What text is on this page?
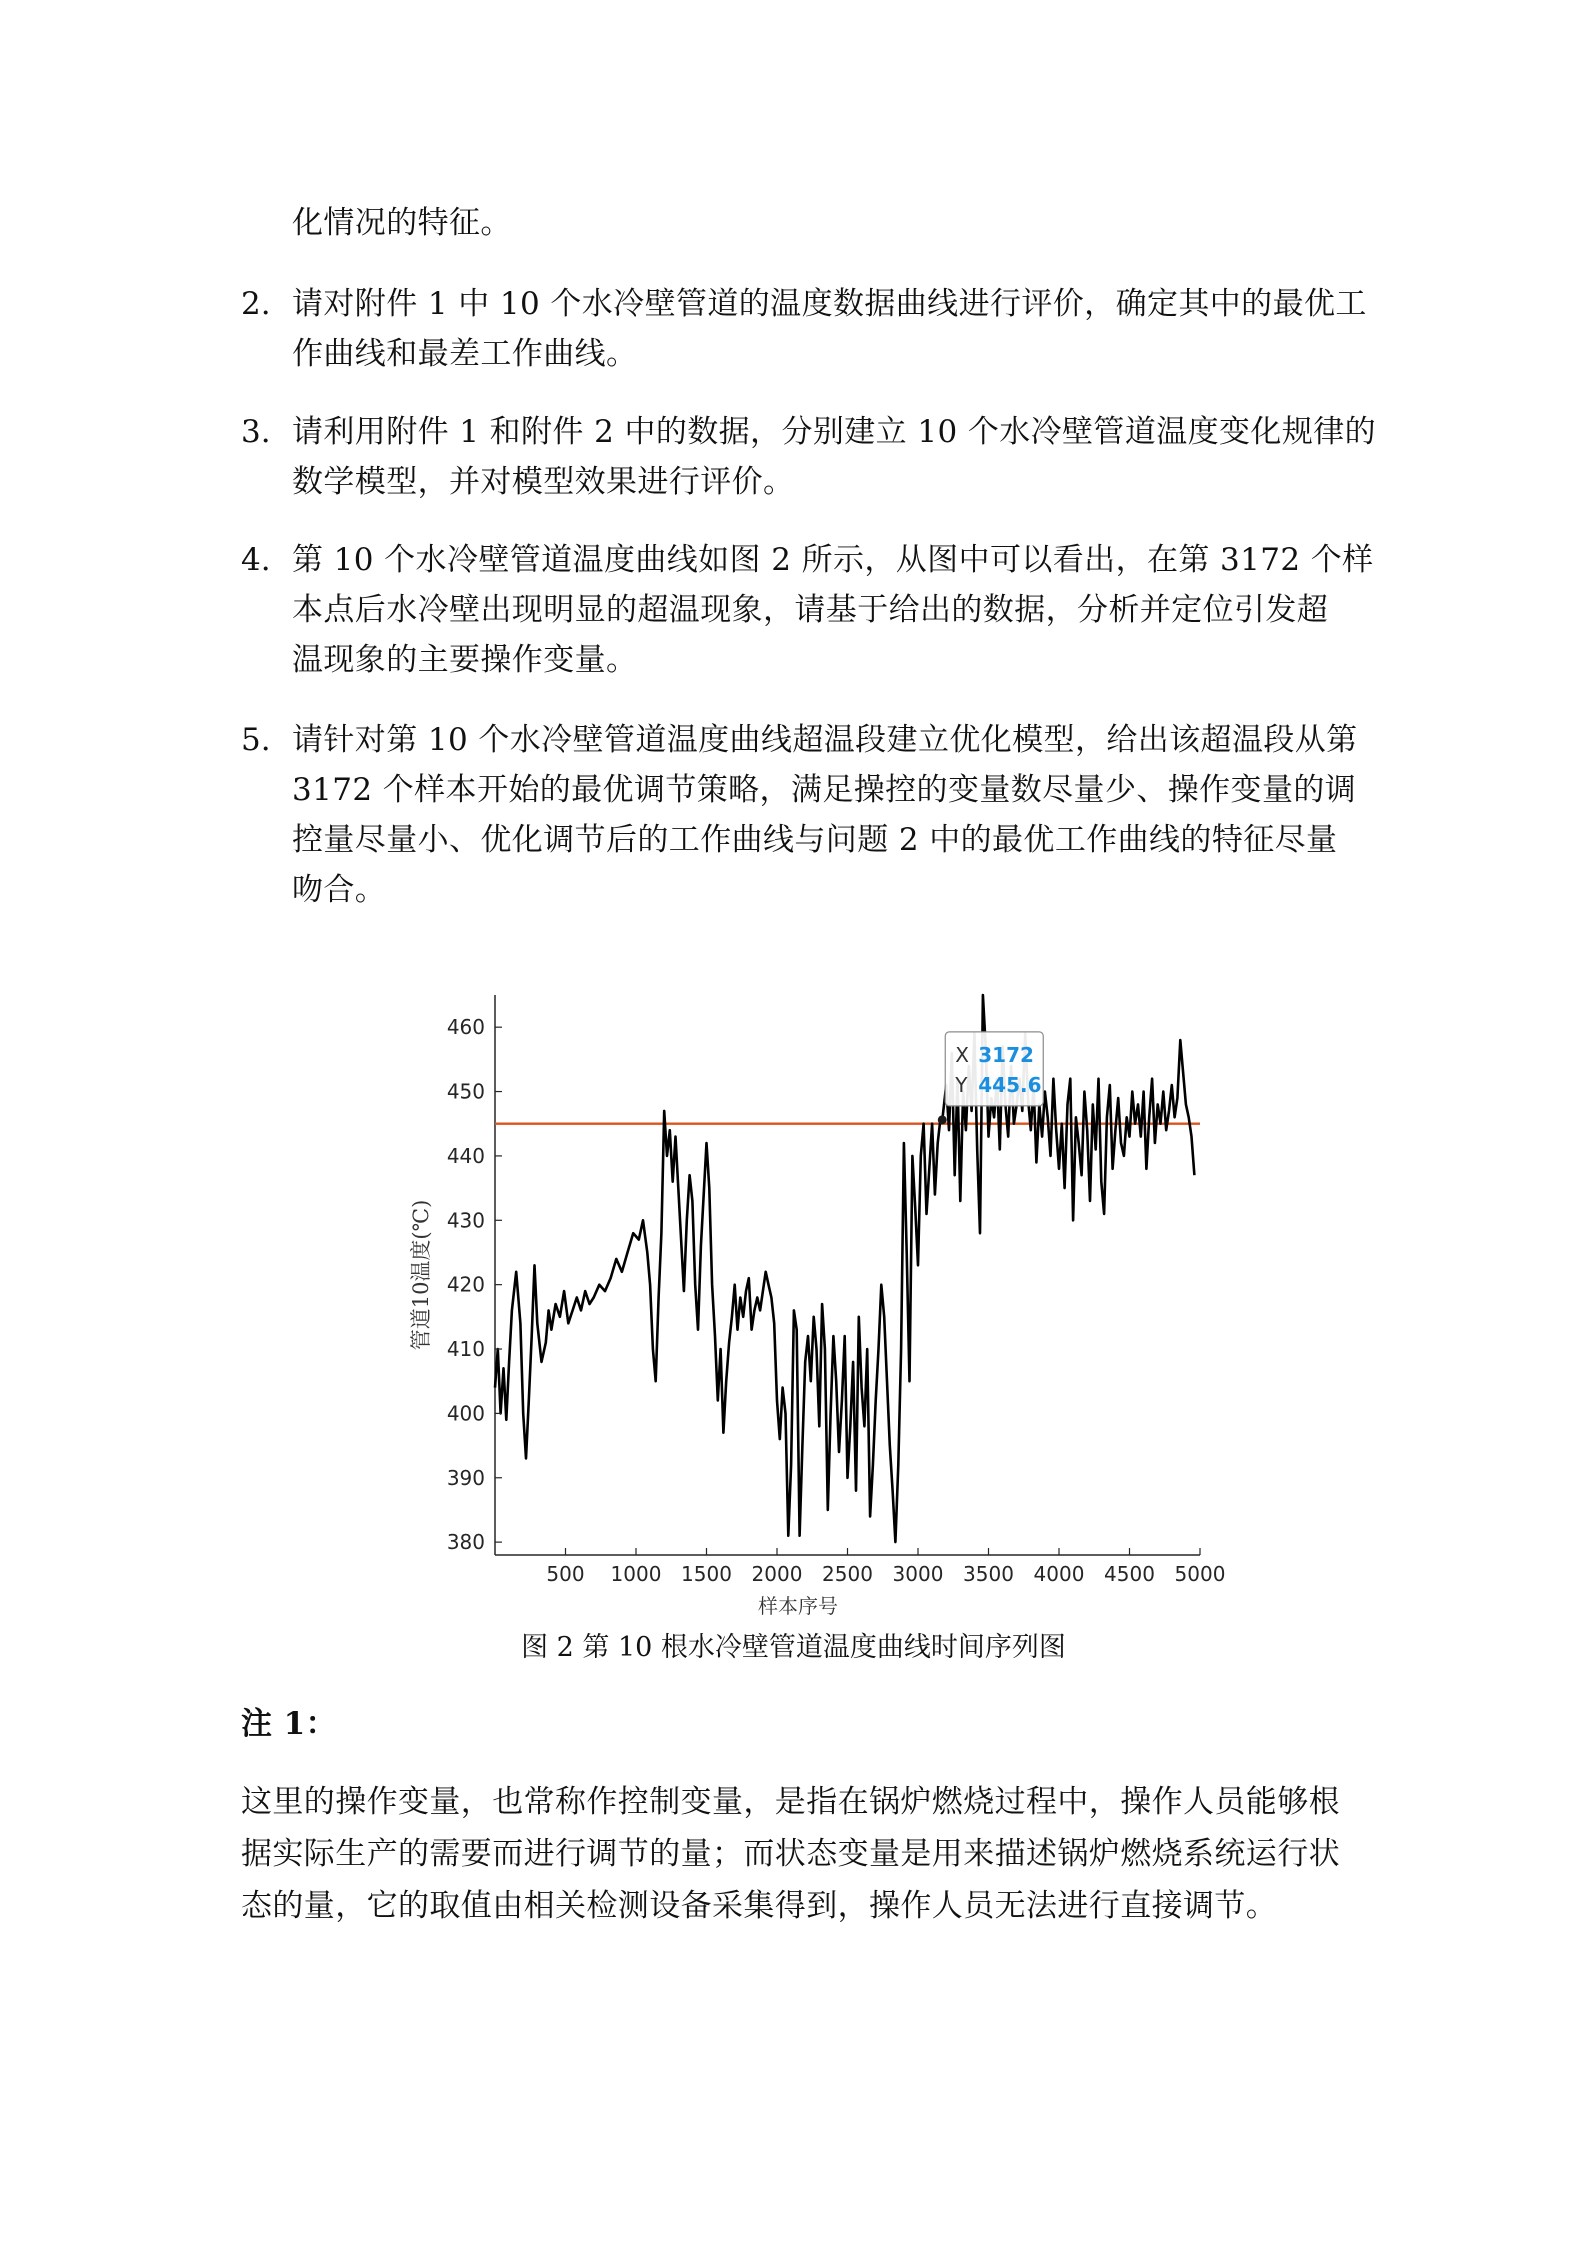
化情况的特征。
2. 请对附件 1 中 10 个水冷壁管道的温度数据曲线进行评价，确定其中的最优工
作曲线和最差工作曲线。
3. 请利用附件 1 和附件 2 中的数据，分别建立 10 个水冷壁管道温度变化规律的
数学模型，并对模型效果进行评价。
4. 第 10 个水冷壁管道温度曲线如图 2 所示，从图中可以看出，在第 3172 个样
本点后水冷壁出现明显的超温现象，请基于给出的数据，分析并定位引发超
温现象的主要操作变量。
5. 请针对第 10 个水冷壁管道温度曲线超温段建立优化模型，给出该超温段从第
3172 个样本开始的最优调节策略，满足操控的变量数尽量少、操作变量的调
控量尽量小、优化调节后的工作曲线与问题 2 中的最优工作曲线的特征尽量
吻合。
380
390
400
410
420
430
440
450
460
500 1000 1500 2000 2500 3000 3500 4000 4500 5000
X 3172
Y 445.6
样本序号
管道10温度(℃)
图 2 第 10 根水冷壁管道温度曲线时间序列图
注 1：
这里的操作变量，也常称作控制变量，是指在锅炉燃烧过程中，操作人员能够根
据实际生产的需要而进行调节的量；而状态变量是用来描述锅炉燃烧系统运行状
态的量，它的取值由相关检测设备采集得到，操作人员无法进行直接调节。
